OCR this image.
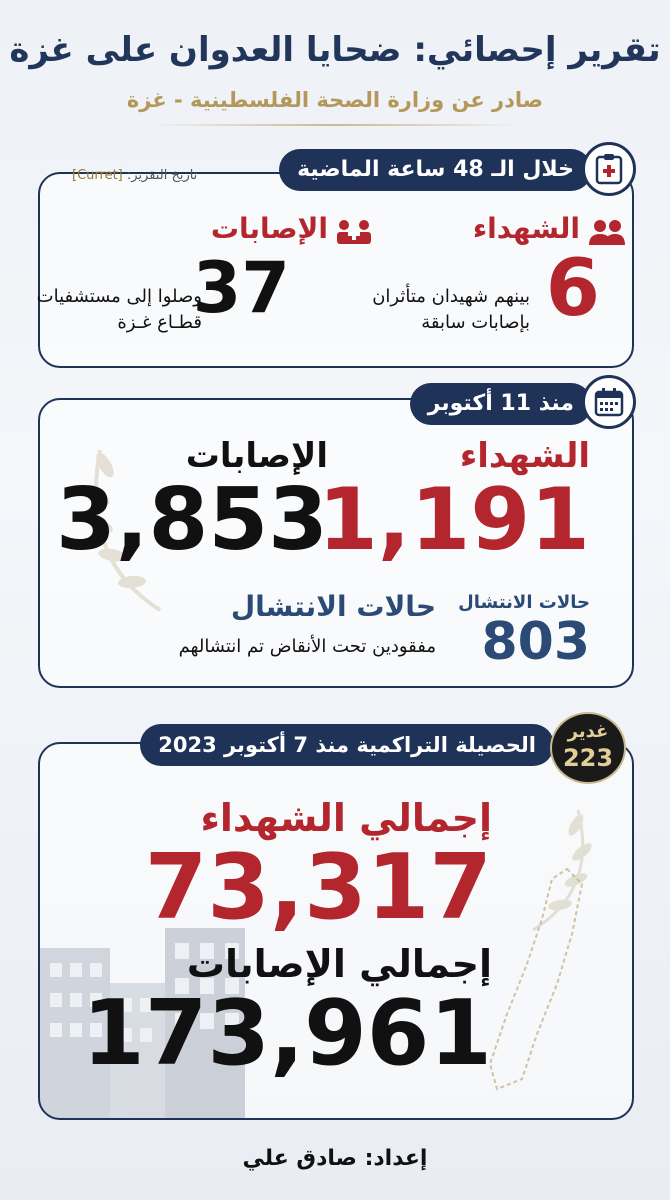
تقرير إحصائي: ضحايا العدوان على غزة
صادر عن وزارة الصحة الفلسطينية - غزة
خلال الـ 48 ساعة الماضية
تاريخ التقرير: [Curret]
الشهداء
6
بينهم شهيدان متأثران
بإصابات سابقة
الإصابات
37
وصلوا إلى مستشفيات
قطـاع غـزة
منذ 11 أكتوبر
الشهداء
1,191
الإصابات
3,853
حالات الانتشال
803
حالات الانتشال
مفقودين تحت الأنقاض تم انتشالهم
الحصيلة التراكمية منذ 7 أكتوبر 2023
غدير
223
إجمالي الشهداء
73,317
إجمالي الإصابات
173,961
إعداد: صادق علي
